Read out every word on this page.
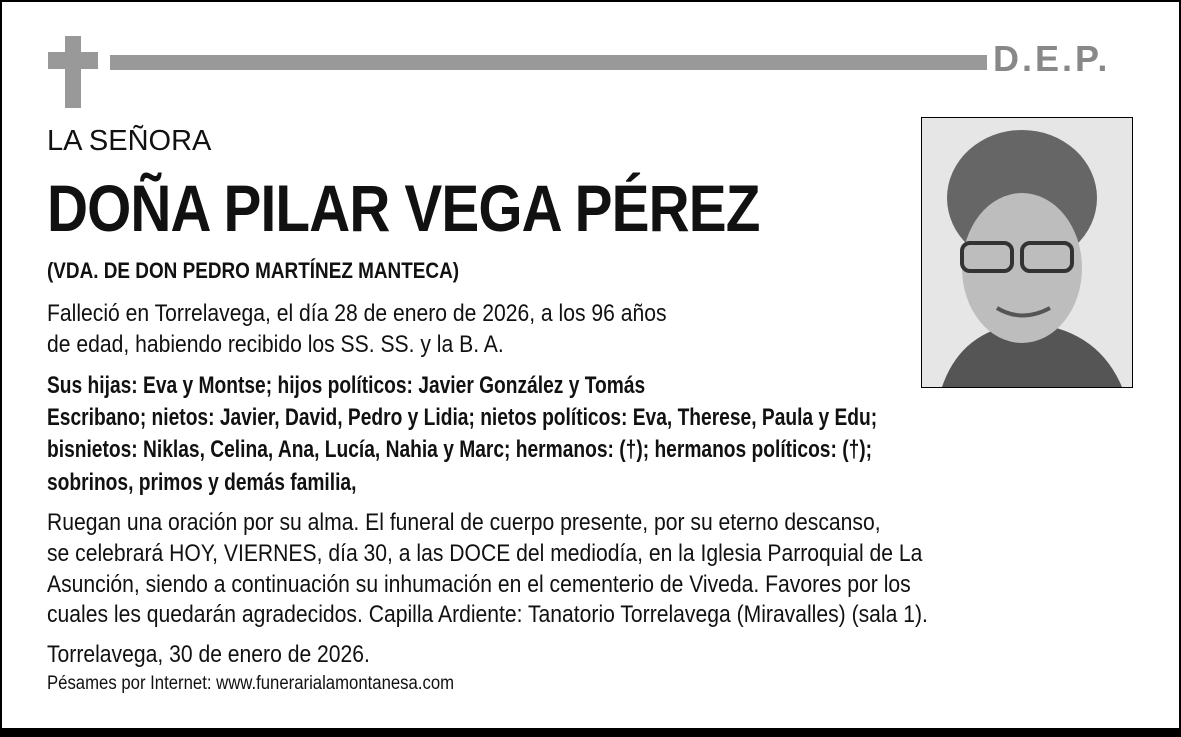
D.E.P.
LA SEÑORA
DOÑA PILAR VEGA PÉREZ
(VDA. DE DON PEDRO MARTÍNEZ MANTECA)
Falleció en Torrelavega, el día 28 de enero de 2026, a los 96 años
de edad, habiendo recibido los SS. SS. y la B. A.
Sus hijas: Eva y Montse; hijos políticos: Javier González y Tomás
Escribano; nietos: Javier, David, Pedro y Lidia; nietos políticos: Eva, Therese, Paula y Edu;
bisnietos: Niklas, Celina, Ana, Lucía, Nahia y Marc; hermanos: (†); hermanos políticos: (†);
sobrinos, primos y demás familia,
Ruegan una oración por su alma. El funeral de cuerpo presente, por su eterno descanso,
se celebrará HOY, VIERNES, día 30, a las DOCE del mediodía, en la Iglesia Parroquial de La
Asunción, siendo a continuación su inhumación en el cementerio de Viveda. Favores por los
cuales les quedarán agradecidos. Capilla Ardiente: Tanatorio Torrelavega (Miravalles) (sala 1).
Torrelavega, 30 de enero de 2026.
Pésames por Internet: www.funerarialamontanesa.com
